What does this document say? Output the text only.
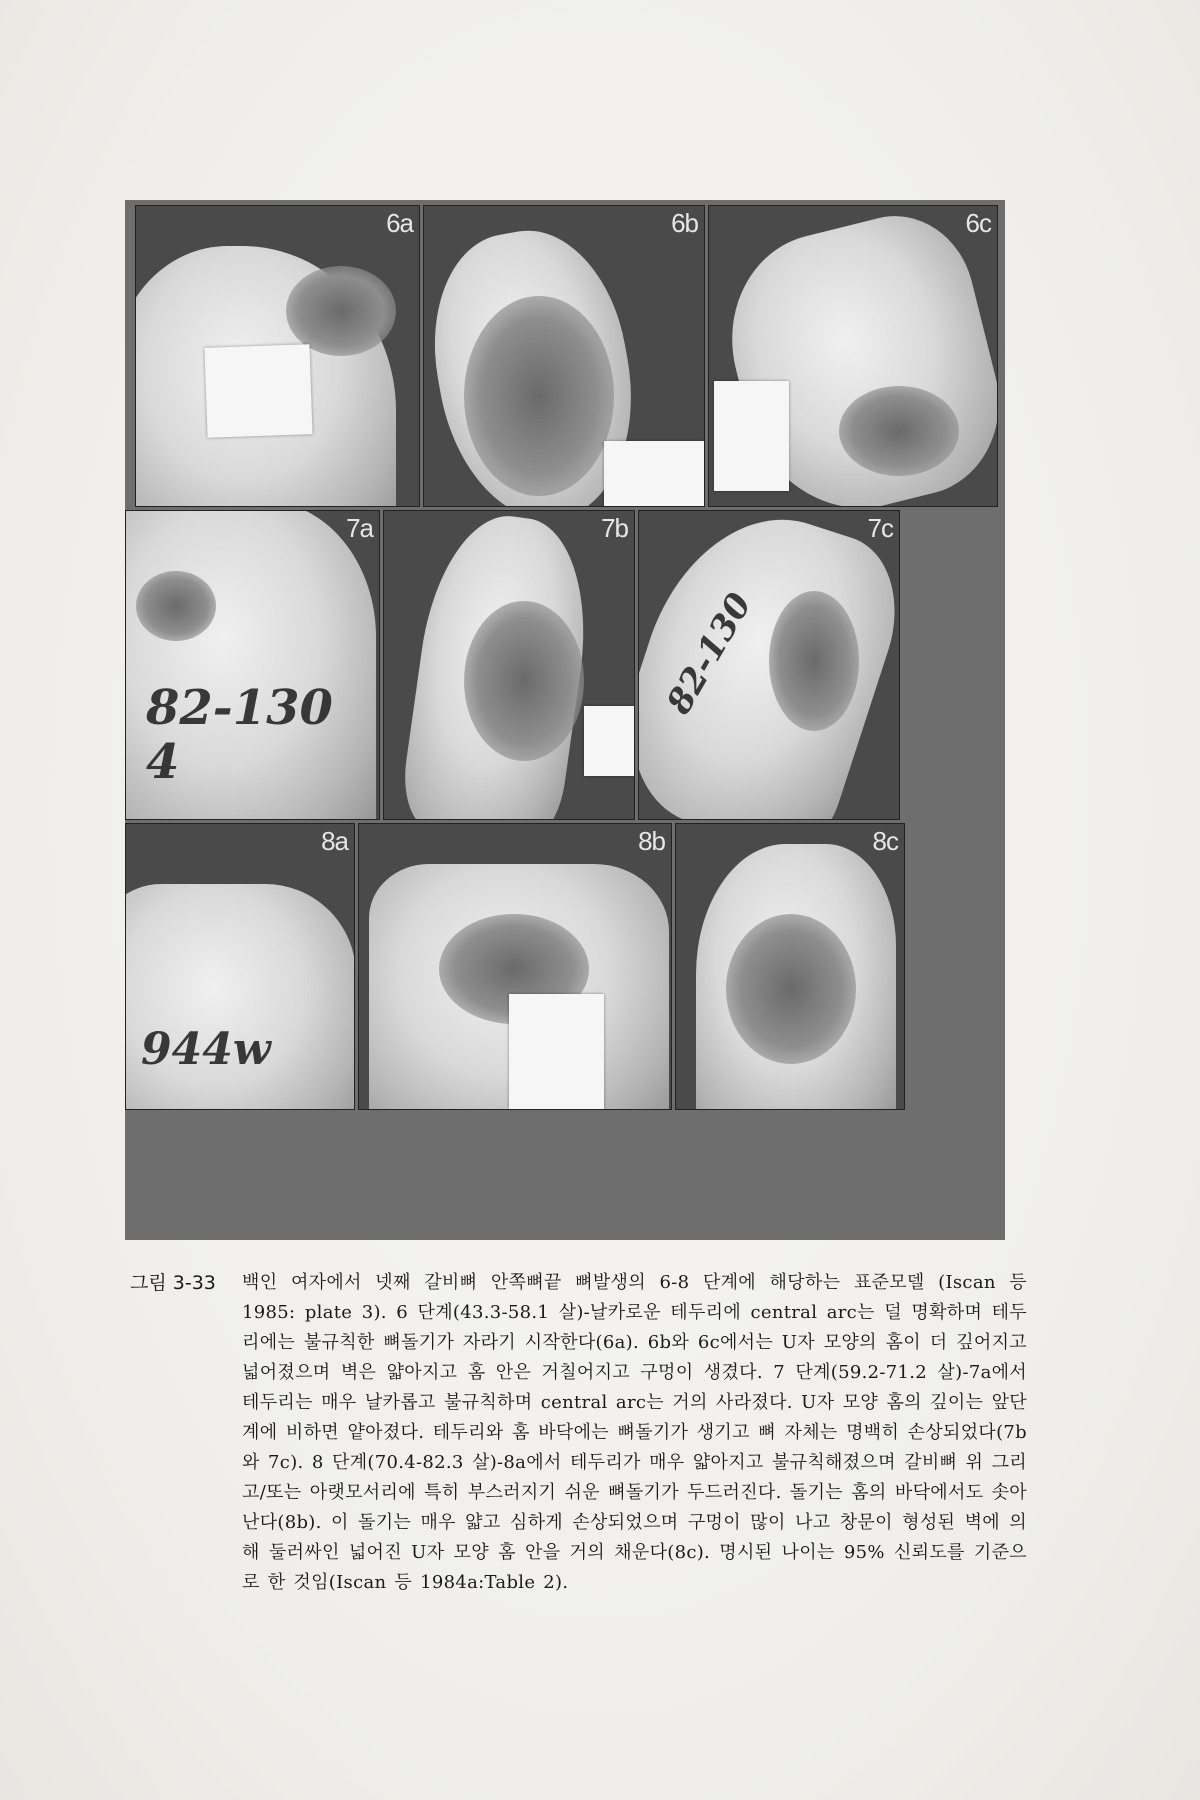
6a	6b	6c
82-1304
7a	7b
82-130
7c
944w
8a	8b	8c
그림 3-33	백인 여자에서 넷째 갈비뼈 안쪽뼈끝 뼈발생의 6-8 단계에 해당하는 표준모델 (Iscan 등 1985: plate 3). 6 단계(43.3-58.1 살)-날카로운 테두리에 central arc는 덜 명확하며 테두리에는 불규칙한 뼈돌기가 자라기 시작한다(6a). 6b와 6c에서는 U자 모양의 홈이 더 깊어지고 넓어졌으며 벽은 얇아지고 홈 안은 거칠어지고 구멍이 생겼다. 7 단계(59.2-71.2 살)-7a에서 테두리는 매우 날카롭고 불규칙하며 central arc는 거의 사라졌다. U자 모양 홈의 깊이는 앞단계에 비하면 얕아졌다. 테두리와 홈 바닥에는 뼈돌기가 생기고 뼈 자체는 명백히 손상되었다(7b와 7c). 8 단계(70.4-82.3 살)-8a에서 테두리가 매우 얇아지고 불규칙해졌으며 갈비뼈 위 그리고/또는 아랫모서리에 특히 부스러지기 쉬운 뼈돌기가 두드러진다. 돌기는 홈의 바닥에서도 솟아난다(8b). 이 돌기는 매우 얇고 심하게 손상되었으며 구멍이 많이 나고 창문이 형성된 벽에 의해 둘러싸인 넓어진 U자 모양 홈 안을 거의 채운다(8c). 명시된 나이는 95% 신뢰도를 기준으로 한 것임(Iscan 등 1984a:Table 2).
